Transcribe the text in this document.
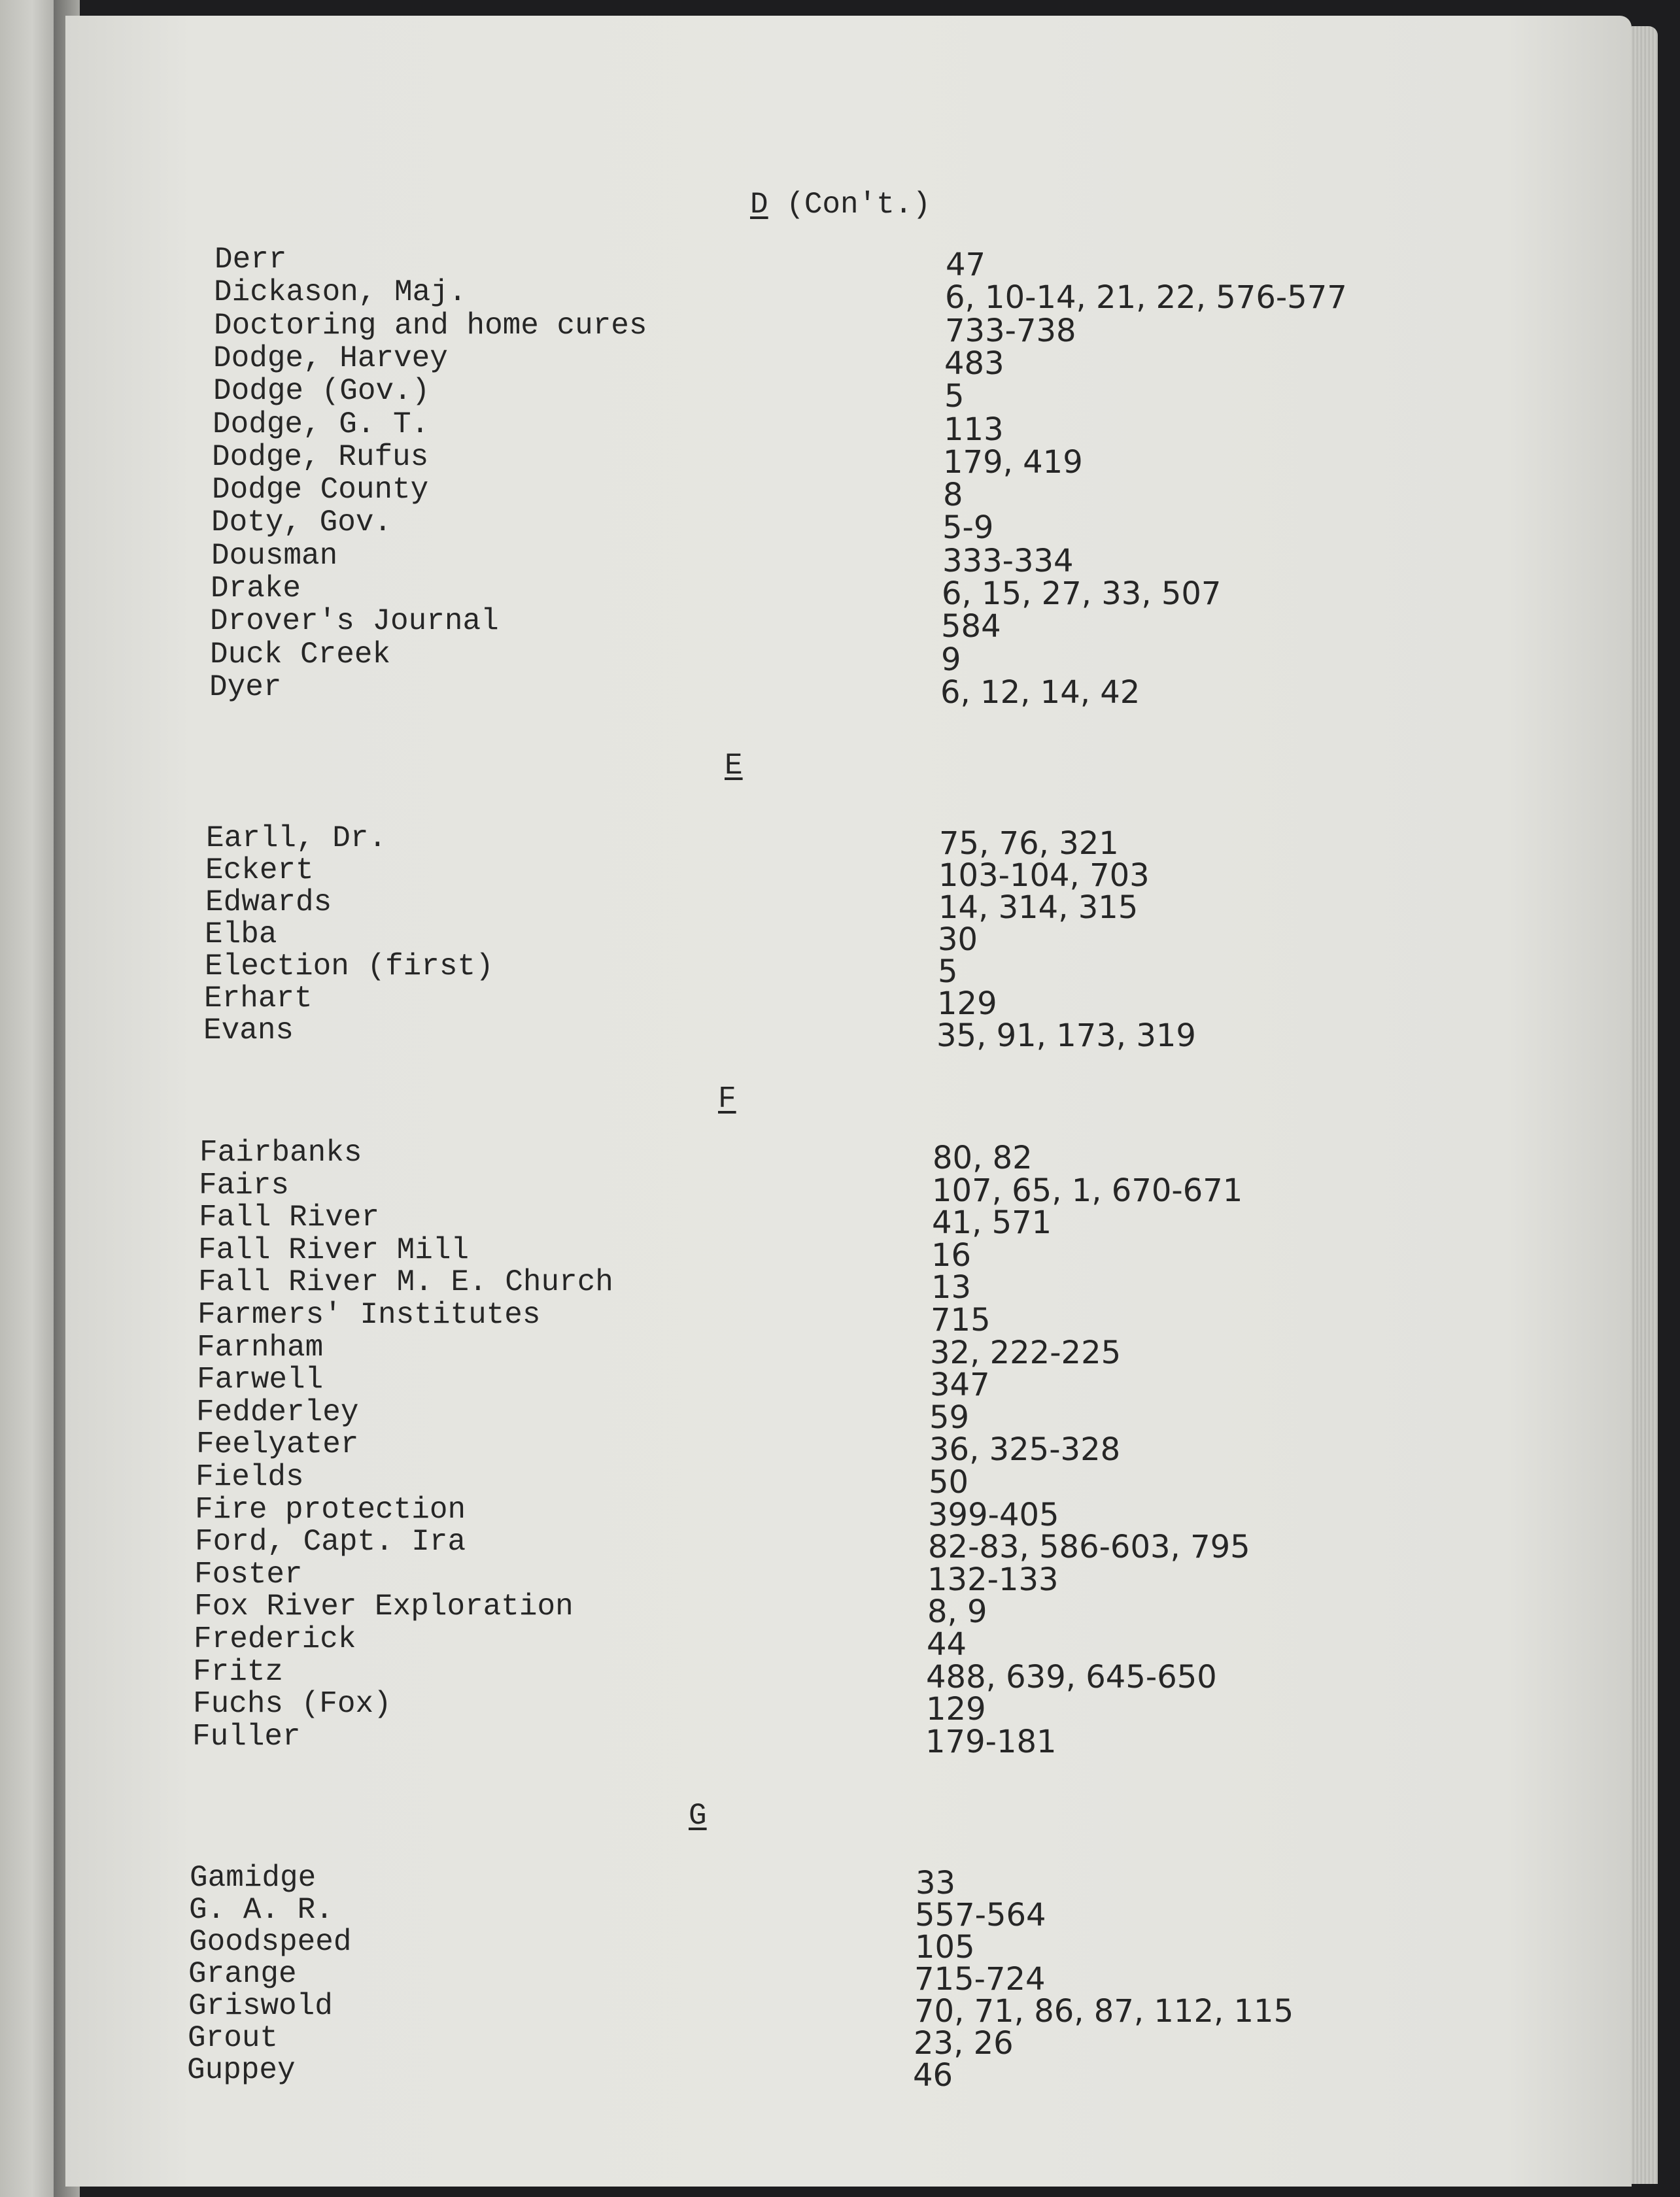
D (Con't.)
Derr	47
Dickason, Maj.	6, 10-14, 21, 22, 576-577
Doctoring and home cures	733-738
Dodge, Harvey	483
Dodge (Gov.)	5
Dodge, G. T.	113
Dodge, Rufus	179, 419
Dodge County	8
Doty, Gov.	5-9
Dousman	333-334
Drake	6, 15, 27, 33, 507
Drover's Journal	584
Duck Creek	9
Dyer	6, 12, 14, 42
E
Earll, Dr.	75, 76, 321
Eckert	103-104, 703
Edwards	14, 314, 315
Elba	30
Election (first)	5
Erhart	129
Evans	35, 91, 173, 319
F
Fairbanks	80, 82
Fairs	107, 65, 1, 670-671
Fall River	41, 571
Fall River Mill	16
Fall River M. E. Church	13
Farmers' Institutes	715
Farnham	32, 222-225
Farwell	347
Fedderley	59
Feelyater	36, 325-328
Fields	50
Fire protection	399-405
Ford, Capt. Ira	82-83, 586-603, 795
Foster	132-133
Fox River Exploration	8, 9
Frederick	44
Fritz	488, 639, 645-650
Fuchs (Fox)	129
Fuller	179-181
G
Gamidge	33
G. A. R.	557-564
Goodspeed	105
Grange	715-724
Griswold	70, 71, 86, 87, 112, 115
Grout	23, 26
Guppey	46
